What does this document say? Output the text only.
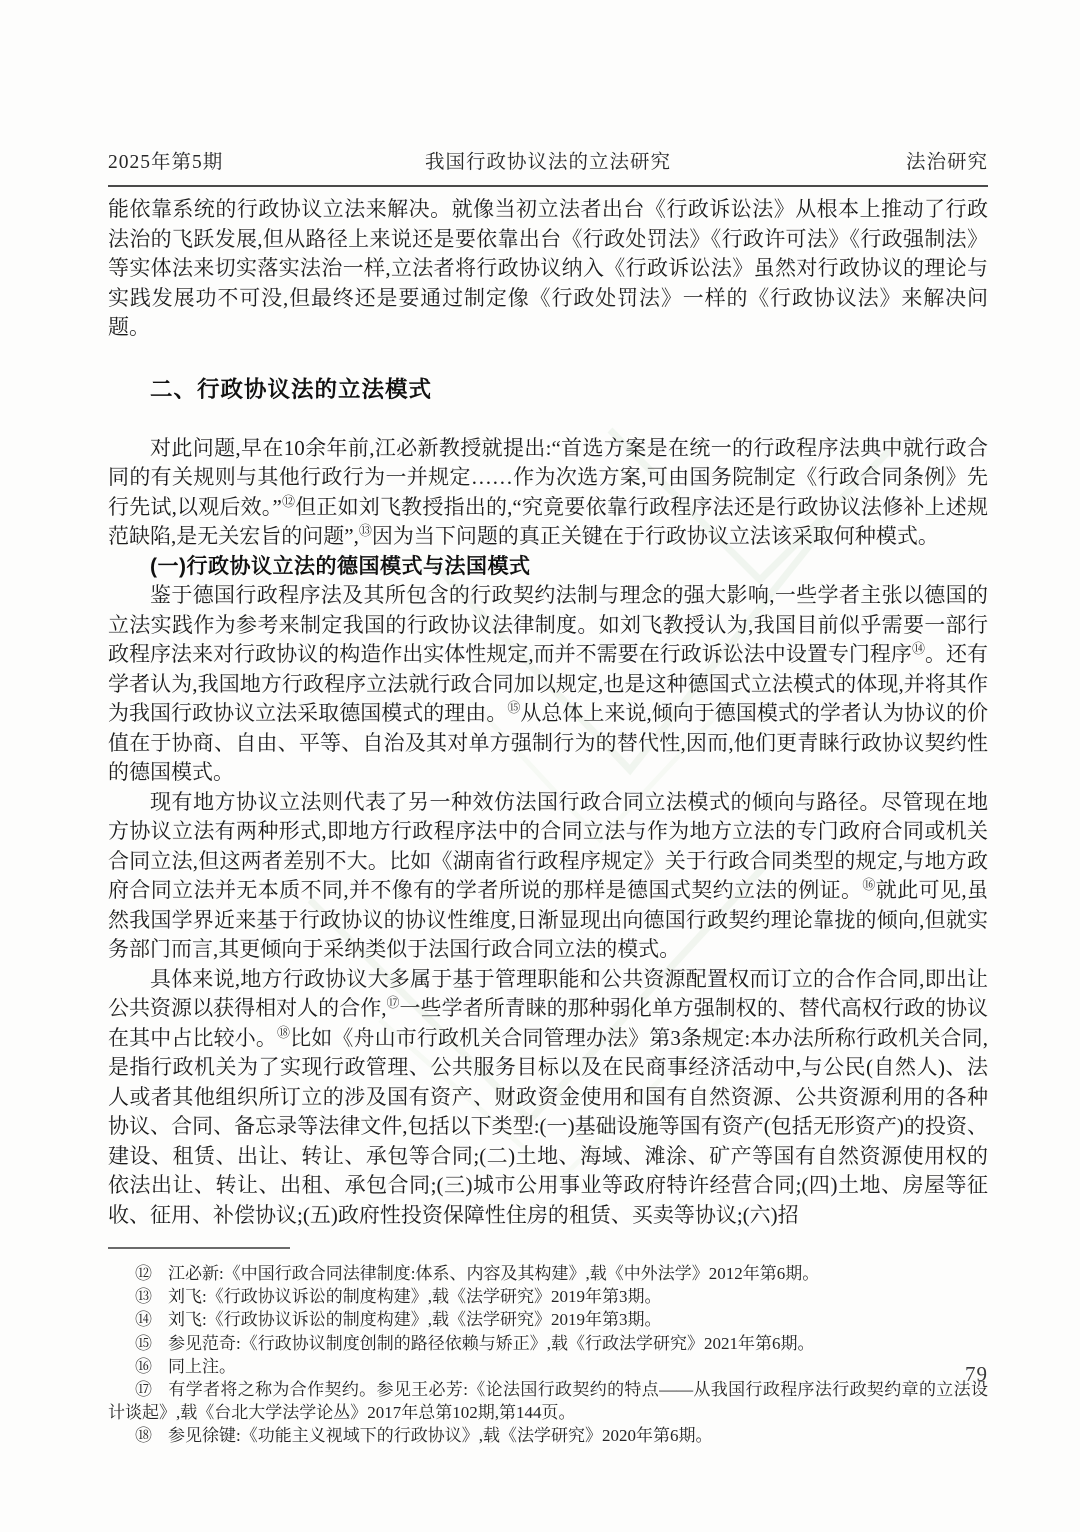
2025年第5期	我国行政协议法的立法研究	法治研究

能依靠系统的行政协议立法来解决。就像当初立法者出台《行政诉讼法》从根本上推动了行政法治的飞跃发展,但从路径上来说还是要依靠出台《行政处罚法》《行政许可法》《行政强制法》等实体法来切实落实法治一样,立法者将行政协议纳入《行政诉讼法》虽然对行政协议的理论与实践发展功不可没,但最终还是要通过制定像《行政处罚法》一样的《行政协议法》来解决问题。

二、行政协议法的立法模式

对此问题,早在10余年前,江必新教授就提出:“首选方案是在统一的行政程序法典中就行政合同的有关规则与其他行政行为一并规定……作为次选方案,可由国务院制定《行政合同条例》先行先试,以观后效。”⑫但正如刘飞教授指出的,“究竟要依靠行政程序法还是行政协议法修补上述规范缺陷,是无关宏旨的问题”,⑬因为当下问题的真正关键在于行政协议立法该采取何种模式。

(一)行政协议立法的德国模式与法国模式

鉴于德国行政程序法及其所包含的行政契约法制与理念的强大影响,一些学者主张以德国的立法实践作为参考来制定我国的行政协议法律制度。如刘飞教授认为,我国目前似乎需要一部行政程序法来对行政协议的构造作出实体性规定,而并不需要在行政诉讼法中设置专门程序⑭。还有学者认为,我国地方行政程序立法就行政合同加以规定,也是这种德国式立法模式的体现,并将其作为我国行政协议立法采取德国模式的理由。⑮从总体上来说,倾向于德国模式的学者认为协议的价值在于协商、自由、平等、自治及其对单方强制行为的替代性,因而,他们更青睐行政协议契约性的德国模式。

现有地方协议立法则代表了另一种效仿法国行政合同立法模式的倾向与路径。尽管现在地方协议立法有两种形式,即地方行政程序法中的合同立法与作为地方立法的专门政府合同或机关合同立法,但这两者差别不大。比如《湖南省行政程序规定》关于行政合同类型的规定,与地方政府合同立法并无本质不同,并不像有的学者所说的那样是德国式契约立法的例证。⑯就此可见,虽然我国学界近来基于行政协议的协议性维度,日渐显现出向德国行政契约理论靠拢的倾向,但就实务部门而言,其更倾向于采纳类似于法国行政合同立法的模式。

具体来说,地方行政协议大多属于基于管理职能和公共资源配置权而订立的合作合同,即出让公共资源以获得相对人的合作,⑰一些学者所青睐的那种弱化单方强制权的、替代高权行政的协议在其中占比较小。⑱比如《舟山市行政机关合同管理办法》第3条规定:本办法所称行政机关合同,是指行政机关为了实现行政管理、公共服务目标以及在民商事经济活动中,与公民(自然人)、法人或者其他组织所订立的涉及国有资产、财政资金使用和国有自然资源、公共资源利用的各种协议、合同、备忘录等法律文件,包括以下类型:(一)基础设施等国有资产(包括无形资产)的投资、建设、租赁、出让、转让、承包等合同;(二)土地、海域、滩涂、矿产等国有自然资源使用权的依法出让、转让、出租、承包合同;(三)城市公用事业等政府特许经营合同;(四)土地、房屋等征收、征用、补偿协议;(五)政府性投资保障性住房的租赁、买卖等协议;(六)招

⑫ 江必新:《中国行政合同法律制度:体系、内容及其构建》,载《中外法学》2012年第6期。

⑬ 刘飞:《行政协议诉讼的制度构建》,载《法学研究》2019年第3期。

⑭ 刘飞:《行政协议诉讼的制度构建》,载《法学研究》2019年第3期。

⑮ 参见范奇:《行政协议制度创制的路径依赖与矫正》,载《行政法学研究》2021年第6期。

⑯ 同上注。

⑰ 有学者将之称为合作契约。参见王必芳:《论法国行政契约的特点——从我国行政程序法行政契约章的立法设计谈起》,载《台北大学法学论丛》2017年总第102期,第144页。

⑱ 参见徐键:《功能主义视域下的行政协议》,载《法学研究》2020年第6期。

79
